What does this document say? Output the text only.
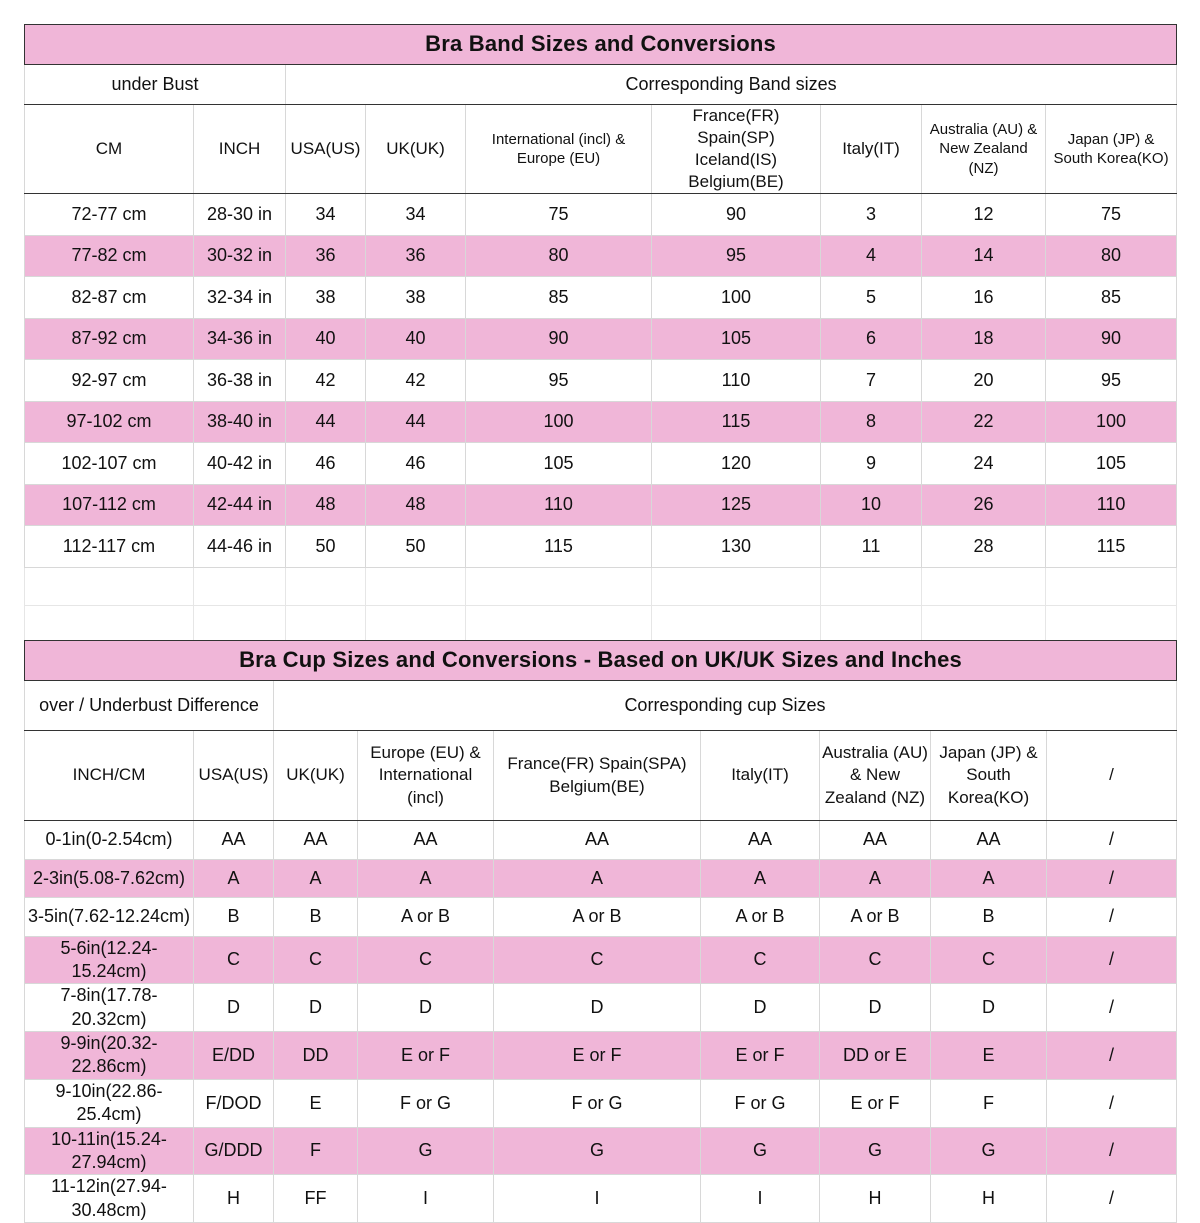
Bra Band Sizes and Conversions								
under Bust		Corresponding Band sizes						
CM	INCH	USA(US)	UK(UK)	International (incl) & Europe (EU)	France(FR) Spain(SP) Iceland(IS) Belgium(BE)	Italy(IT)	Australia (AU) & New Zealand (NZ)	Japan (JP) & South Korea(KO)
72-77 cm	28-30 in	34	34	75	90	3	12	75
77-82 cm	30-32 in	36	36	80	95	4	14	80
82-87 cm	32-34 in	38	38	85	100	5	16	85
87-92 cm	34-36 in	40	40	90	105	6	18	90
92-97 cm	36-38 in	42	42	95	110	7	20	95
97-102 cm	38-40 in	44	44	100	115	8	22	100
102-107 cm	40-42 in	46	46	105	120	9	24	105
107-112 cm	42-44 in	48	48	110	125	10	26	110
112-117 cm	44-46 in	50	50	115	130	11	28	115

Bra Cup Sizes and Conversions - Based on UK/UK Sizes and Inches								
over / Underbust Difference		Corresponding cup Sizes						
INCH/CM	USA(US)	UK(UK)	Europe (EU) & International (incl)	France(FR) Spain(SPA) Belgium(BE)	Italy(IT)	Australia (AU) & New Zealand (NZ)	Japan (JP) & South Korea(KO)	/
0-1in(0-2.54cm)	AA	AA	AA	AA	AA	AA	AA	/
2-3in(5.08-7.62cm)	A	A	A	A	A	A	A	/
3-5in(7.62-12.24cm)	B	B	A or B	A or B	A or B	A or B	B	/
5-6in(12.24-15.24cm)	C	C	C	C	C	C	C	/
7-8in(17.78-20.32cm)	D	D	D	D	D	D	D	/
9-9in(20.32-22.86cm)	E/DD	DD	E or F	E or F	E or F	DD or E	E	/
9-10in(22.86-25.4cm)	F/DOD	E	F or G	F or G	F or G	E or F	F	/
10-11in(15.24-27.94cm)	G/DDD	F	G	G	G	G	G	/
11-12in(27.94-30.48cm)	H	FF	I	I	I	H	H	/
